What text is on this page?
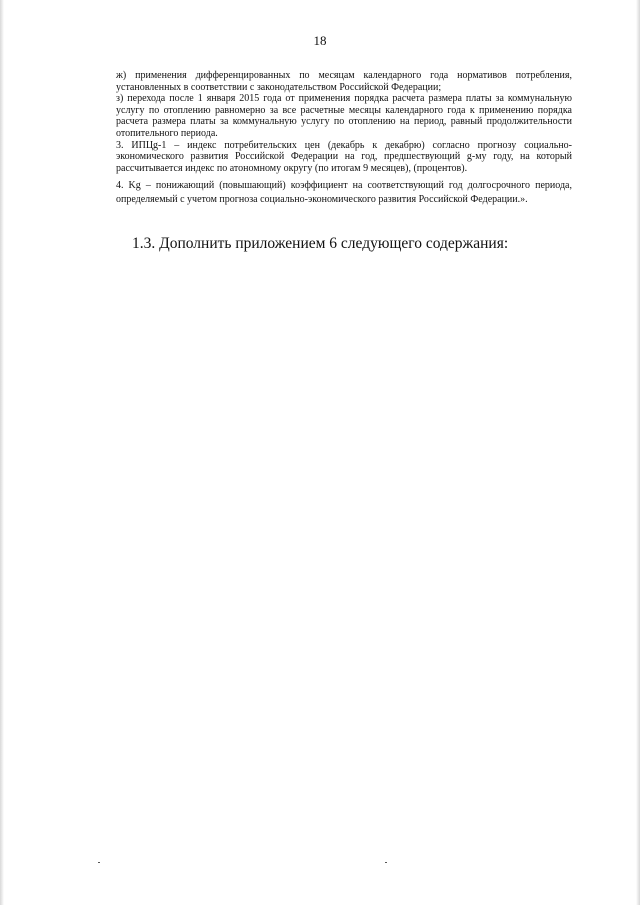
18

ж) применения дифференцированных по месяцам календарного года нормативов потребления, установленных в соответствии с законодательством Российской Федерации;

з) перехода после 1 января 2015 года от применения порядка расчета размера платы за коммунальную услугу по отоплению равномерно за все расчетные месяцы календарного года к применению порядка расчета размера платы за коммунальную услугу по отоплению на период, равный продолжительности отопительного периода.

3. ИПЦg-1 – индекс потребительских цен (декабрь к декабрю) согласно прогнозу социально-экономического развития Российской Федерации на год, предшествующий g-му году, на который рассчитывается индекс по атономному округу (по итогам 9 месяцев), (процентов).

4. Kg – понижающий (повышающий) коэффициент на соответствующий год долгосрочного периода, определяемый с учетом прогноза социально-экономического развития Российской Федерации.».

1.3. Дополнить приложением 6 следующего содержания:
